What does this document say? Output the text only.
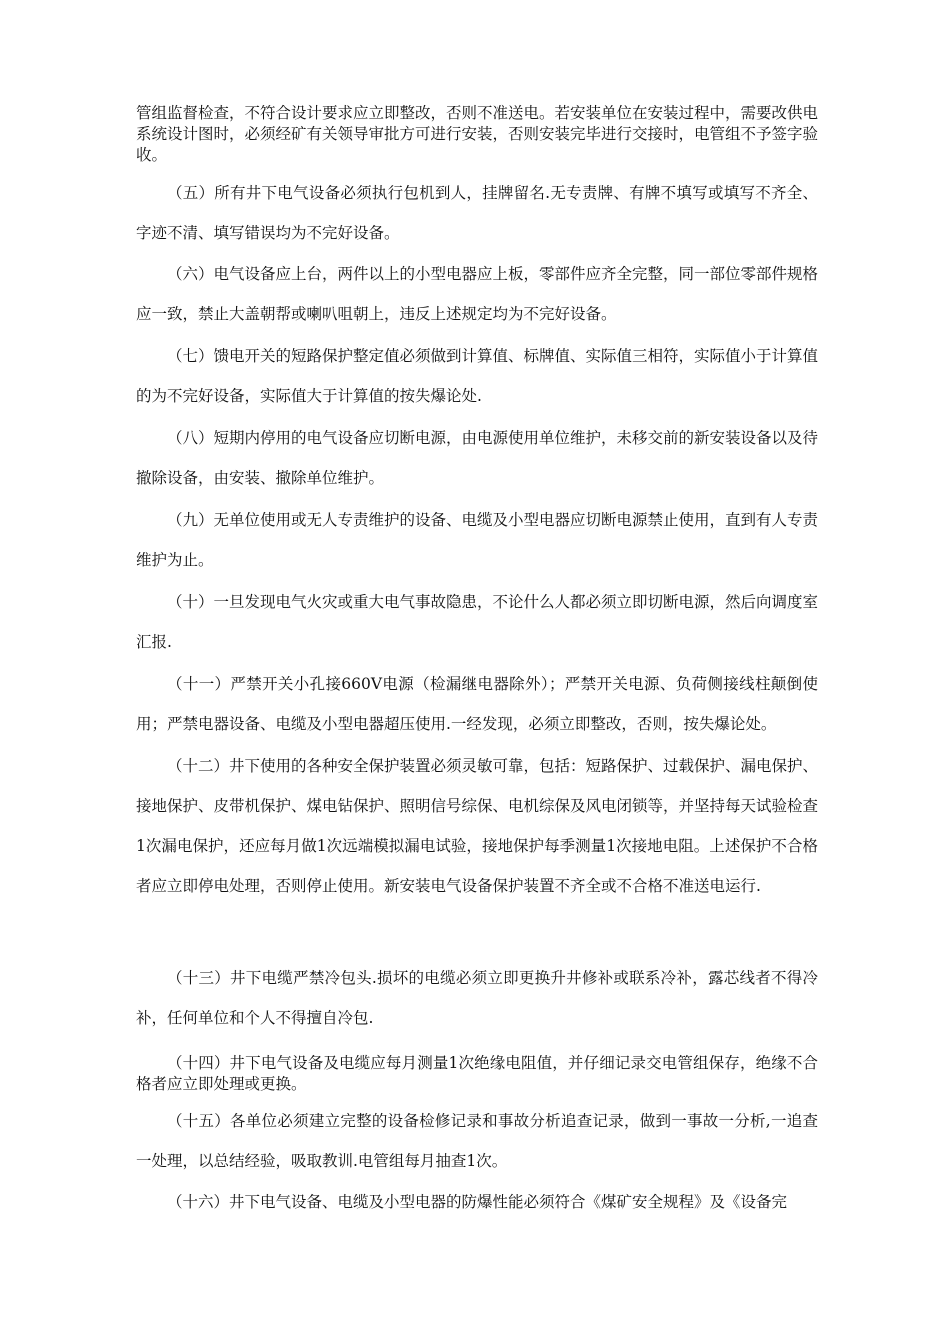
管组监督检查，不符合设计要求应立即整改，否则不准送电。若安装单位在安装过程中，需要改供电系统设计图时，必须经矿有关领导审批方可进行安装，否则安装完毕进行交接时，电管组不予签字验收。

（五）所有井下电气设备必须执行包机到人，挂牌留名.无专责牌、有牌不填写或填写不齐全、字迹不清、填写错误均为不完好设备。

（六）电气设备应上台，两件以上的小型电器应上板，零部件应齐全完整，同一部位零部件规格应一致，禁止大盖朝帮或喇叭咀朝上，违反上述规定均为不完好设备。

（七）馈电开关的短路保护整定值必须做到计算值、标牌值、实际值三相符，实际值小于计算值的为不完好设备，实际值大于计算值的按失爆论处.

（八）短期内停用的电气设备应切断电源，由电源使用单位维护，未移交前的新安装设备以及待撤除设备，由安装、撤除单位维护。

（九）无单位使用或无人专责维护的设备、电缆及小型电器应切断电源禁止使用，直到有人专责维护为止。

（十）一旦发现电气火灾或重大电气事故隐患，不论什么人都必须立即切断电源，然后向调度室汇报.

（十一）严禁开关小孔接660V电源（检漏继电器除外）；严禁开关电源、负荷侧接线柱颠倒使用；严禁电器设备、电缆及小型电器超压使用.一经发现，必须立即整改，否则，按失爆论处。

（十二）井下使用的各种安全保护装置必须灵敏可靠，包括：短路保护、过载保护、漏电保护、接地保护、皮带机保护、煤电钻保护、照明信号综保、电机综保及风电闭锁等，并坚持每天试验检查1次漏电保护，还应每月做1次远端模拟漏电试验，接地保护每季测量1次接地电阻。上述保护不合格者应立即停电处理，否则停止使用。新安装电气设备保护装置不齐全或不合格不准送电运行.

（十三）井下电缆严禁冷包头.损坏的电缆必须立即更换升井修补或联系冷补，露芯线者不得冷补，任何单位和个人不得擅自冷包.

（十四）井下电气设备及电缆应每月测量1次绝缘电阻值，并仔细记录交电管组保存，绝缘不合格者应立即处理或更换。

（十五）各单位必须建立完整的设备检修记录和事故分析追查记录，做到一事故一分析,一追查一处理，以总结经验，吸取教训.电管组每月抽查1次。

（十六）井下电气设备、电缆及小型电器的防爆性能必须符合《煤矿安全规程》及《设备完
